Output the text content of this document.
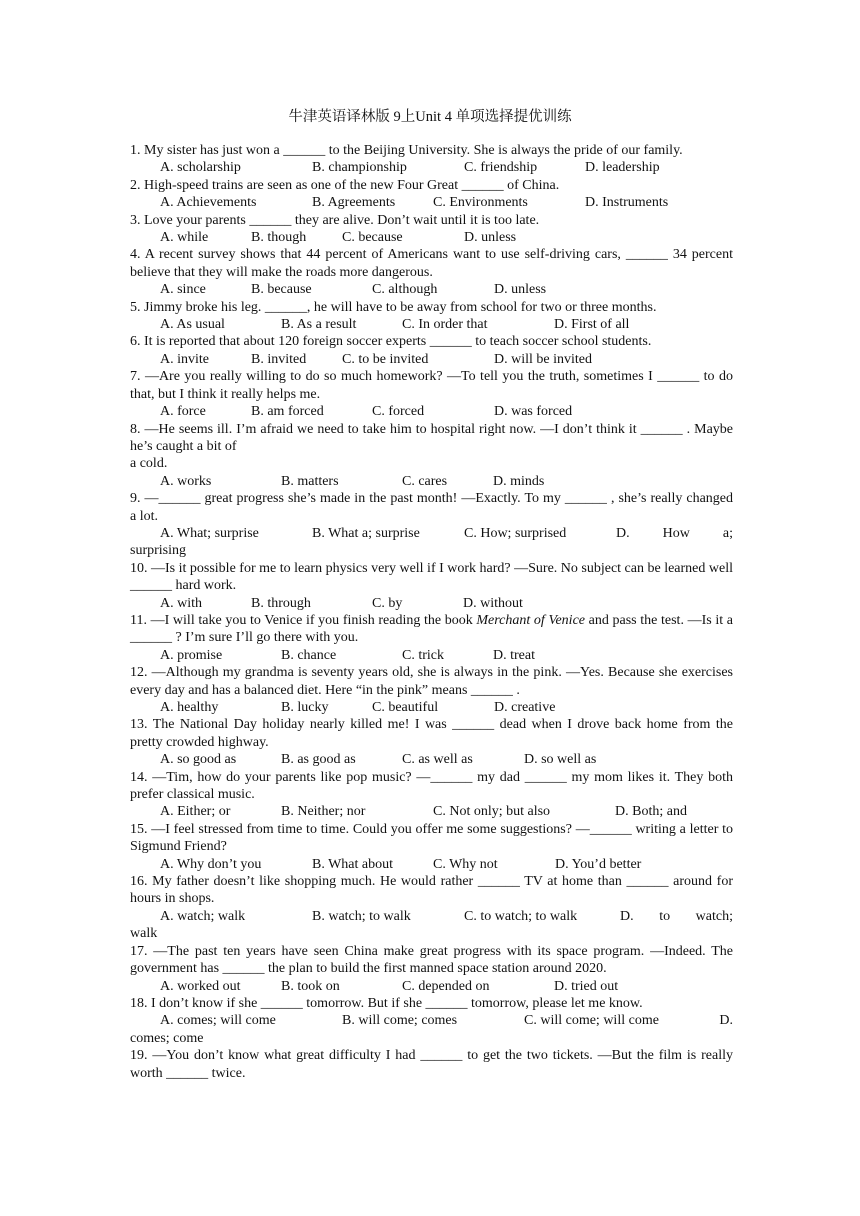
牛津英语译林版 9上Unit 4 单项选择提优训练
1. My sister has just won a ______ to the Beijing University. She is always the pride of our family.
A. scholarship	B. championship	C. friendship	D. leadership
2. High-speed trains are seen as one of the new Four Great ______ of China.
A. Achievements	B. Agreements	C. Environments	D. Instruments
3. Love your parents ______ they are alive. Don’t wait until it is too late.
A. while	B. though	C. because	D. unless
4. A recent survey shows that 44 percent of Americans want to use self-driving cars, ______ 34 percent believe that they will make the roads more dangerous.
A. since	B. because	C. although	D. unless
5. Jimmy broke his leg. ______, he will have to be away from school for two or three months.
A. As usual	B. As a result	C. In order that	D. First of all
6. It is reported that about 120 foreign soccer experts ______ to teach soccer school students.
A. invite	B. invited	C. to be invited	D. will be invited
7. —Are you really willing to do so much homework? —To tell you the truth, sometimes I ______ to do that, but I think it really helps me.
A. force	B. am forced	C. forced	D. was forced
8. —He seems ill. I’m afraid we need to take him to hospital right now. —I don’t think it ______ . Maybe he’s caught a bit of
a cold.
A. works	B. matters	C. cares	D. minds
9. —______ great progress she’s made in the past month! —Exactly. To my ______ , she’s really changed a lot.
A. What; surprise	B. What a; surprise	C. How; surprised	D. How a;
surprising
10. —Is it possible for me to learn physics very well if I work hard? —Sure. No subject can be learned well ______ hard work.
A. with	B. through	C. by	D. without
11. —I will take you to Venice if you finish reading the book Merchant of Venice and pass the test. —Is it a ______ ? I’m sure I’ll go there with you.
A. promise	B. chance	C. trick	D. treat
12. —Although my grandma is seventy years old, she is always in the pink. —Yes. Because she exercises every day and has a balanced diet. Here “in the pink” means ______ .
A. healthy	B. lucky	C. beautiful	D. creative
13. The National Day holiday nearly killed me! I was ______ dead when I drove back home from the pretty crowded highway.
A. so good as	B. as good as	C. as well as	D. so well as
14. —Tim, how do your parents like pop music? —______ my dad ______ my mom likes it. They both prefer classical music.
A. Either; or	B. Neither; nor	C. Not only; but also	D. Both; and
15. —I feel stressed from time to time. Could you offer me some suggestions? —______ writing a letter to Sigmund Friend?
A. Why don’t you	B. What about	C. Why not	D. You’d better
16. My father doesn’t like shopping much. He would rather ______ TV at home than ______ around for hours in shops.
A. watch; walk	B. watch; to walk	C. to watch; to walk	D. to watch;
walk
17. —The past ten years have seen China make great progress with its space program. —Indeed. The government has ______ the plan to build the first manned space station around 2020.
A. worked out	B. took on	C. depended on	D. tried out
18. I don’t know if she ______ tomorrow. But if she ______ tomorrow, please let me know.
A. comes; will come	B. will come; comes	C. will come; will come	D.
comes; come
19. —You don’t know what great difficulty I had ______ to get the two tickets. —But the film is really worth ______ twice.
